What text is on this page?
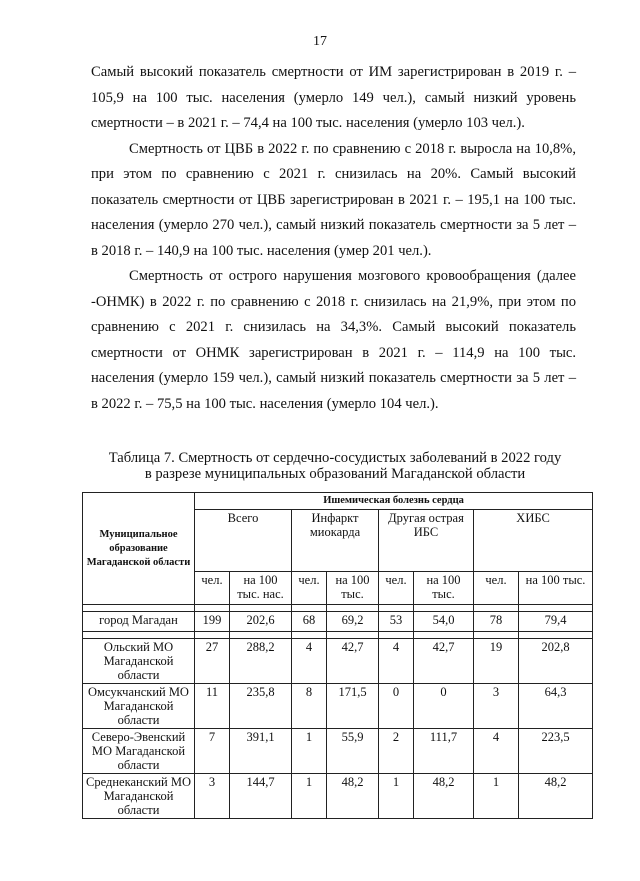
17

Самый высокий показатель смертности от ИМ зарегистрирован в 2019 г. – 105,9 на 100 тыс. населения (умерло 149 чел.), самый низкий уровень смертности – в 2021 г. – 74,4 на 100 тыс. населения (умерло 103 чел.).

Смертность от ЦВБ в 2022 г. по сравнению с 2018 г. выросла на 10,8%, при этом по сравнению с 2021 г. снизилась на 20%. Самый высокий показатель смертности от ЦВБ зарегистрирован в 2021 г. – 195,1 на 100 тыс. населения (умерло 270 чел.), самый низкий показатель смертности за 5 лет – в 2018 г. – 140,9 на 100 тыс. населения (умер 201 чел.).

Смертность от острого нарушения мозгового кровообращения (далее -ОНМК) в 2022 г. по сравнению с 2018 г. снизилась на 21,9%, при этом по сравнению с 2021 г. снизилась на 34,3%. Самый высокий показатель смертности от ОНМК зарегистрирован в 2021 г. – 114,9 на 100 тыс. населения (умерло 159 чел.), самый низкий показатель смертности за 5 лет – в 2022 г. – 75,5 на 100 тыс. населения (умерло 104 чел.).

Таблица 7. Смертность от сердечно-сосудистых заболеваний в 2022 году
в разрезе муниципальных образований Магаданской области
Муниципальное образование Магаданской области	Ишемическая болезнь сердца							
	Всего		Инфаркт миокарда		Другая острая ИБС		ХИБС	
	чел.	на 100 тыс. нас.	чел.	на 100 тыс.	чел.	на 100 тыс.	чел.	на 100 тыс.

город Магадан	199	202,6	68	69,2	53	54,0	78	79,4

Ольский МО Магаданской области	27	288,2	4	42,7	4	42,7	19	202,8
Омсукчанский МО Магаданской области	11	235,8	8	171,5	0	0	3	64,3
Северо-Эвенский МО Магаданской области	7	391,1	1	55,9	2	111,7	4	223,5
Среднеканский МО Магаданской области	3	144,7	1	48,2	1	48,2	1	48,2
